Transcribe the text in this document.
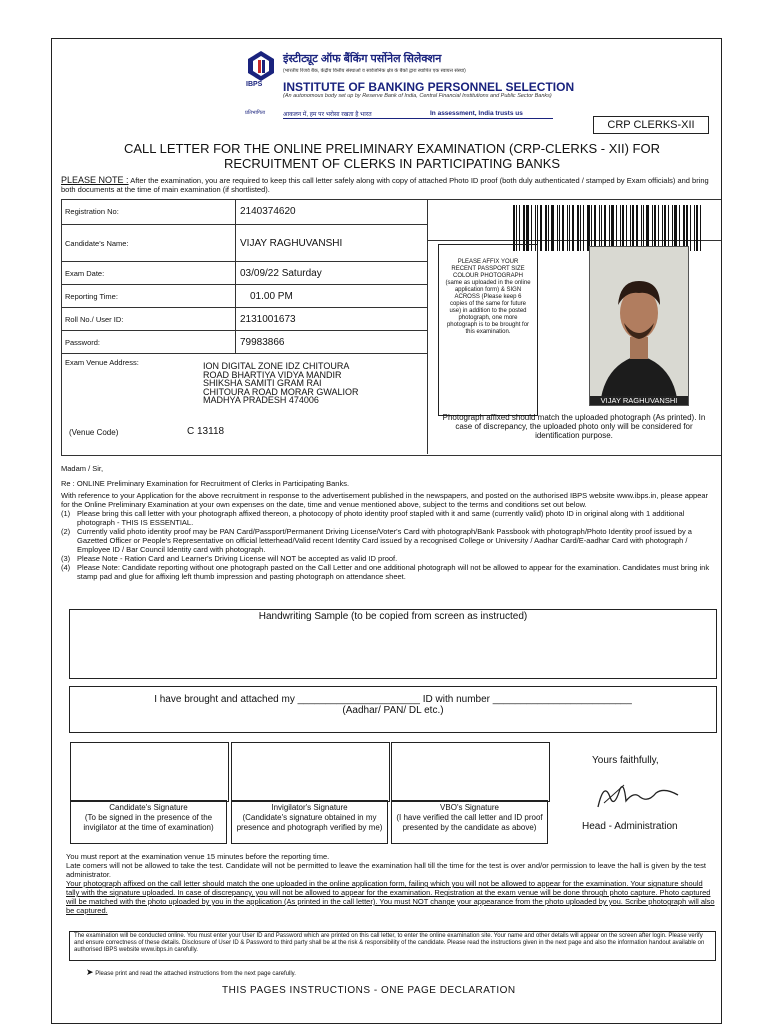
IBPS
प्रतिभागिता
इंस्टीट्यूट ऑफ बैंकिंग पर्सोनेल सिलेक्शन
(भारतीय रिजर्व बैंक, केंद्रीय वित्तीय संस्थाओं व सार्वजनिक क्षेत्र के बैंकों द्वारा स्थापित एक स्वायत्त संस्था)
INSTITUTE OF BANKING PERSONNEL SELECTION
(An autonomous body set up by Reserve Bank of India, Central Financial Institutions and Public Sector Banks)
आकलन में, हम पर भरोसा रखता है भारत	In assessment, India trusts us
CRP CLERKS-XII
CALL LETTER FOR THE ONLINE PRELIMINARY EXAMINATION (CRP-CLERKS - XII) FOR
RECRUITMENT OF CLERKS IN PARTICIPATING BANKS
PLEASE NOTE : After the examination, you are required to keep this call letter safely along with copy of attached Photo ID proof (both duly authenticated / stamped by Exam officials) and bring both documents at the time of main examination (if shortlisted).
Registration No:	2140374620
Candidate's Name:	VIJAY RAGHUVANSHI
Exam Date:	03/09/22 Saturday
Reporting Time:	01.00 PM
Roll No./ User ID:	2131001673
Password:	79983866
Exam Venue Address:	ION DIGITAL ZONE IDZ CHITOURA
ROAD BHARTIYA VIDYA MANDIR
SHIKSHA SAMITI GRAM RAI
CHITOURA ROAD MORAR GWALIOR
MADHYA PRADESH 474006
(Venue Code)	C 13118
PLEASE AFFIX YOUR RECENT PASSPORT SIZE COLOUR PHOTOGRAPH (same as uploaded in the online application form) & SIGN ACROSS (Please keep 6 copies of the same for future use) in addition to the posted photograph, one more photograph is to be brought for this examination.
VIJAY RAGHUVANSHI
Photograph affixed should match the uploaded photograph (As printed). In case of discrepancy, the uploaded photo only will be considered for identification purpose.
Madam / Sir,
Re : ONLINE Preliminary Examination for Recruitment of Clerks in Participating Banks.
With reference to your Application for the above recruitment in response to the advertisement published in the newspapers, and posted on the authorised IBPS website www.ibps.in, please appear for the Online Preliminary Examination at your own expenses on the date, time and venue mentioned above, subject to the terms and conditions set out below.
(1) Please bring this call letter with your photograph affixed thereon, a photocopy of photo identity proof stapled with it and same (currently valid) photo ID in original along with 1 additional photograph - THIS IS ESSENTIAL.
(2) Currently valid photo identity proof may be PAN Card/Passport/Permanent Driving License/Voter's Card with photograph/Bank Passbook with photograph/Photo Identity proof issued by a Gazetted Officer or People's Representative on official letterhead/Valid recent Identity Card issued by a recognised College or University / Aadhar Card/E-aadhar Card with photograph / Employee ID / Bar Council Identity card with photograph.
(3) Please Note - Ration Card and Learner's Driving License will NOT be accepted as valid ID proof.
(4) Please Note: Candidate reporting without one photograph pasted on the Call Letter and one additional photograph will not be allowed to appear for the examination. Candidates must bring ink stamp pad and glue for affixing left thumb impression and pasting photograph on attendance sheet.
Handwriting Sample (to be copied from screen as instructed)
I have brought and attached my ______________________ ID with number _________________________
(Aadhar/ PAN/ DL etc.)
Candidate's Signature
(To be signed in the presence of the invigilator at the time of examination)
Invigilator's Signature
(Candidate's signature obtained in my presence and photograph verified by me)
VBO's Signature
(I have verified the call letter and ID proof presented by the candidate as above)
Yours faithfully,
Head - Administration
You must report at the examination venue 15 minutes before the reporting time.
Late comers will not be allowed to take the test. Candidate will not be permitted to leave the examination hall till the time for the test is over and/or permission to leave the hall is given by the test administrator.
Your photograph affixed on the call letter should match the one uploaded in the online application form, failing which you will not be allowed to appear for the examination. Your signature should tally with the signature uploaded. In case of discrepancy, you will not be allowed to appear for the examination. Registration at the exam venue will be done through photo capture. Photo captured will be matched with the photo uploaded by you in the application (As printed in the call letter). You must NOT change your appearance from the photo uploaded by you. Scribe photograph will also be captured.
The examination will be conducted online. You must enter your User ID and Password which are printed on this call letter, to enter the online examination site. Your name and other details will appear on the screen after login. Please verify and ensure correctness of these details. Disclosure of User ID & Password to third party shall be at the risk & responsibility of the candidate. Please read the instructions given in the next page and also the information handout available on authorised IBPS website www.ibps.in carefully.
➤ Please print and read the attached instructions from the next page carefully.
THIS PAGES INSTRUCTIONS - ONE PAGE DECLARATION
